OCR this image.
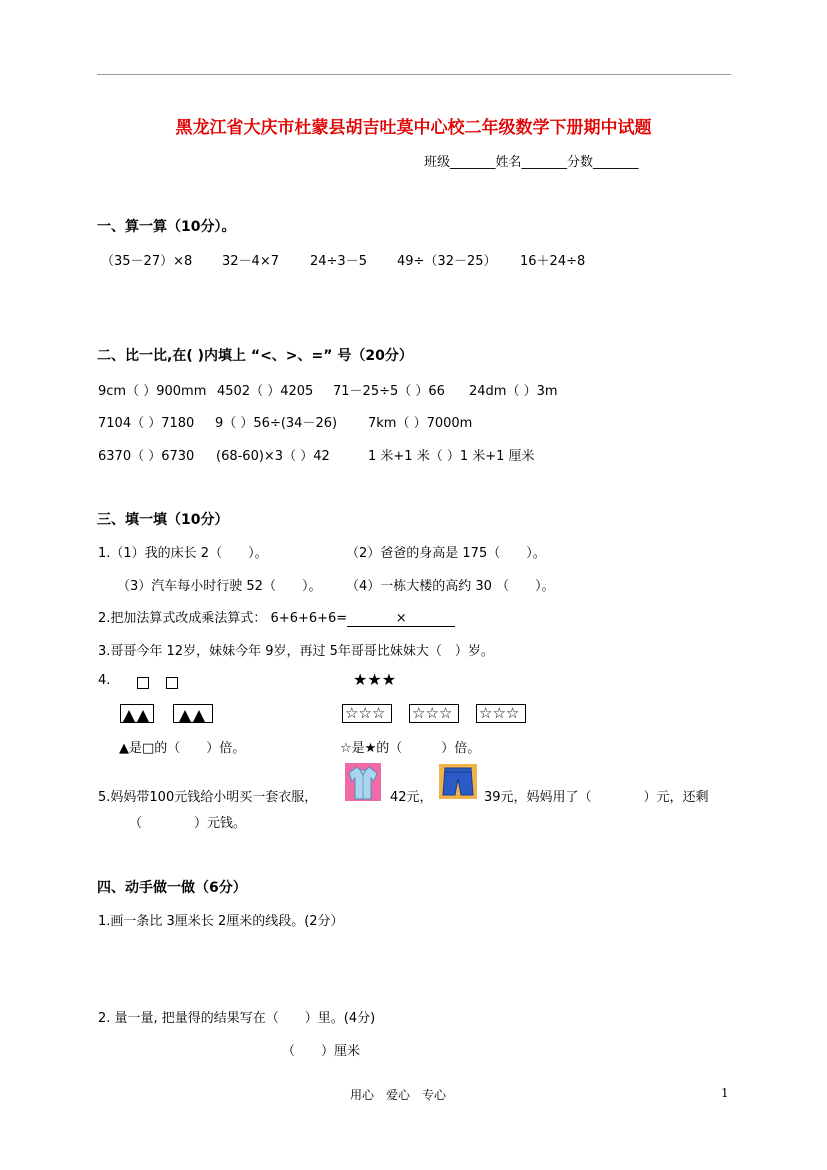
黑龙江省大庆市杜蒙县胡吉吐莫中心校二年级数学下册期中试题
班级_______姓名_______分数_______
一、算一算（10分）。
（35－27）×8 32－4×7 24÷3－5 49÷（32－25） 16＋24÷8
二、比一比,在( )内填上 “<、>、=” 号（20分）
9cm（ ）900mm 4502（ ）4205 71－25÷5（ ）66 24dm（ ）3m
7104（ ）7180 9（ ）56÷(34－26) 7km（ ）7000m
6370（ ）6730 (68-60)×3（ ）42	1 米+1 米（ ）1 米+1 厘米
三、填一填（10分）
1.（1）我的床长 2（　　）。	（2）爸爸的身高是 175（　　）。
（3）汽车每小时行驶 52（　　）。 （4）一栋大楼的高约 30 （　　）。
2.把加法算式改成乘法算式： 6+6+6+6=	×
3.哥哥今年 12岁，妹妹今年 9岁，再过 5年哥哥比妹妹大（　）岁。
4.	★★★
☆☆☆	☆☆☆	☆☆☆
▲是□的（　　）倍。	☆是★的（　　　）倍。
5.妈妈带100元钱给小明买一套衣服，	42元，	39元，妈妈用了（　　　　）元，还剩
（　　　　）元钱。
四、动手做一做（6分）
1.画一条比 3厘米长 2厘米的线段。(2分）
2. 量一量, 把量得的结果写在（　　）里。(4分)
（　　）厘米
用心　爱心　专心	1
